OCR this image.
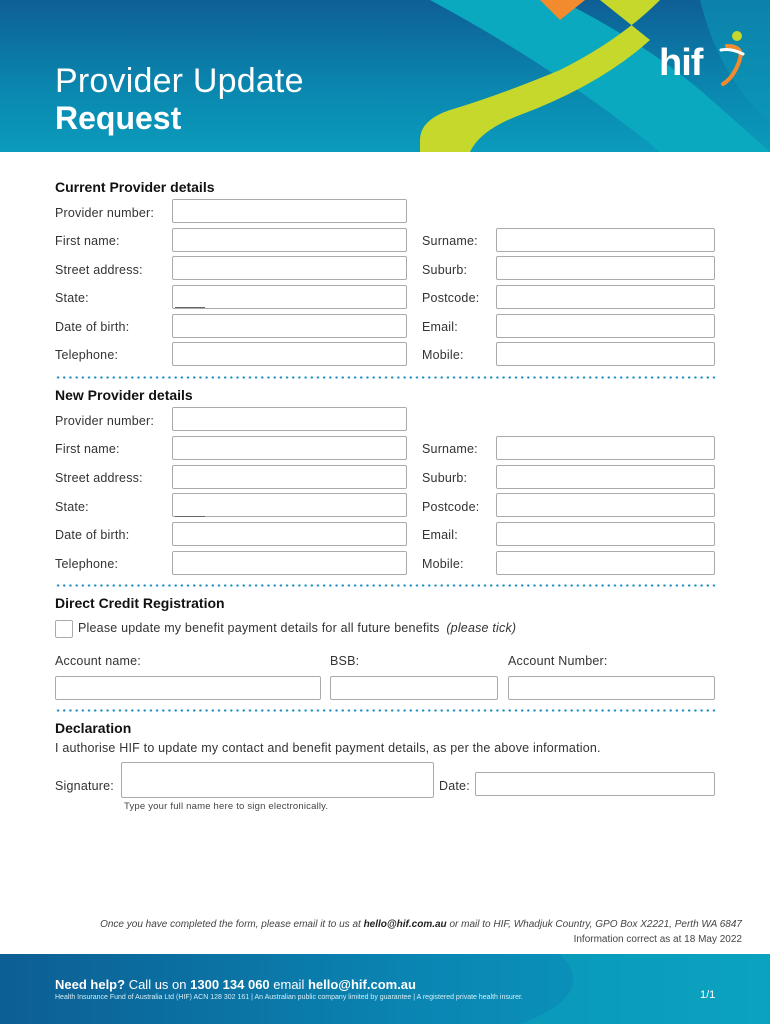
Provider Update
Request
hif
Current Provider details
Provider number:
First name:	Surname:
Street address:	Suburb:
State:	Postcode:
Date of birth:	Email:
Telephone:	Mobile:
New Provider details
Provider number:
First name:	Surname:
Street address:	Suburb:
State:	Postcode:
Date of birth:	Email:
Telephone:	Mobile:
Direct Credit Registration
Please update my benefit payment details for all future benefits (please tick)
Account name:	BSB:	Account Number:
Declaration
I authorise HIF to update my contact and benefit payment details, as per the above information.
Signature:	Date:
Type your full name here to sign electronically.
Once you have completed the form, please email it to us at hello@hif.com.au or mail to HIF, Whadjuk Country, GPO Box X2221, Perth WA 6847
Information correct as at 18 May 2022
Need help? Call us on 1300 134 060 email hello@hif.com.au
Health Insurance Fund of Australia Ltd (HIF) ACN 128 302 161 | An Australian public company limited by guarantee | A registered private health insurer.	1/1
